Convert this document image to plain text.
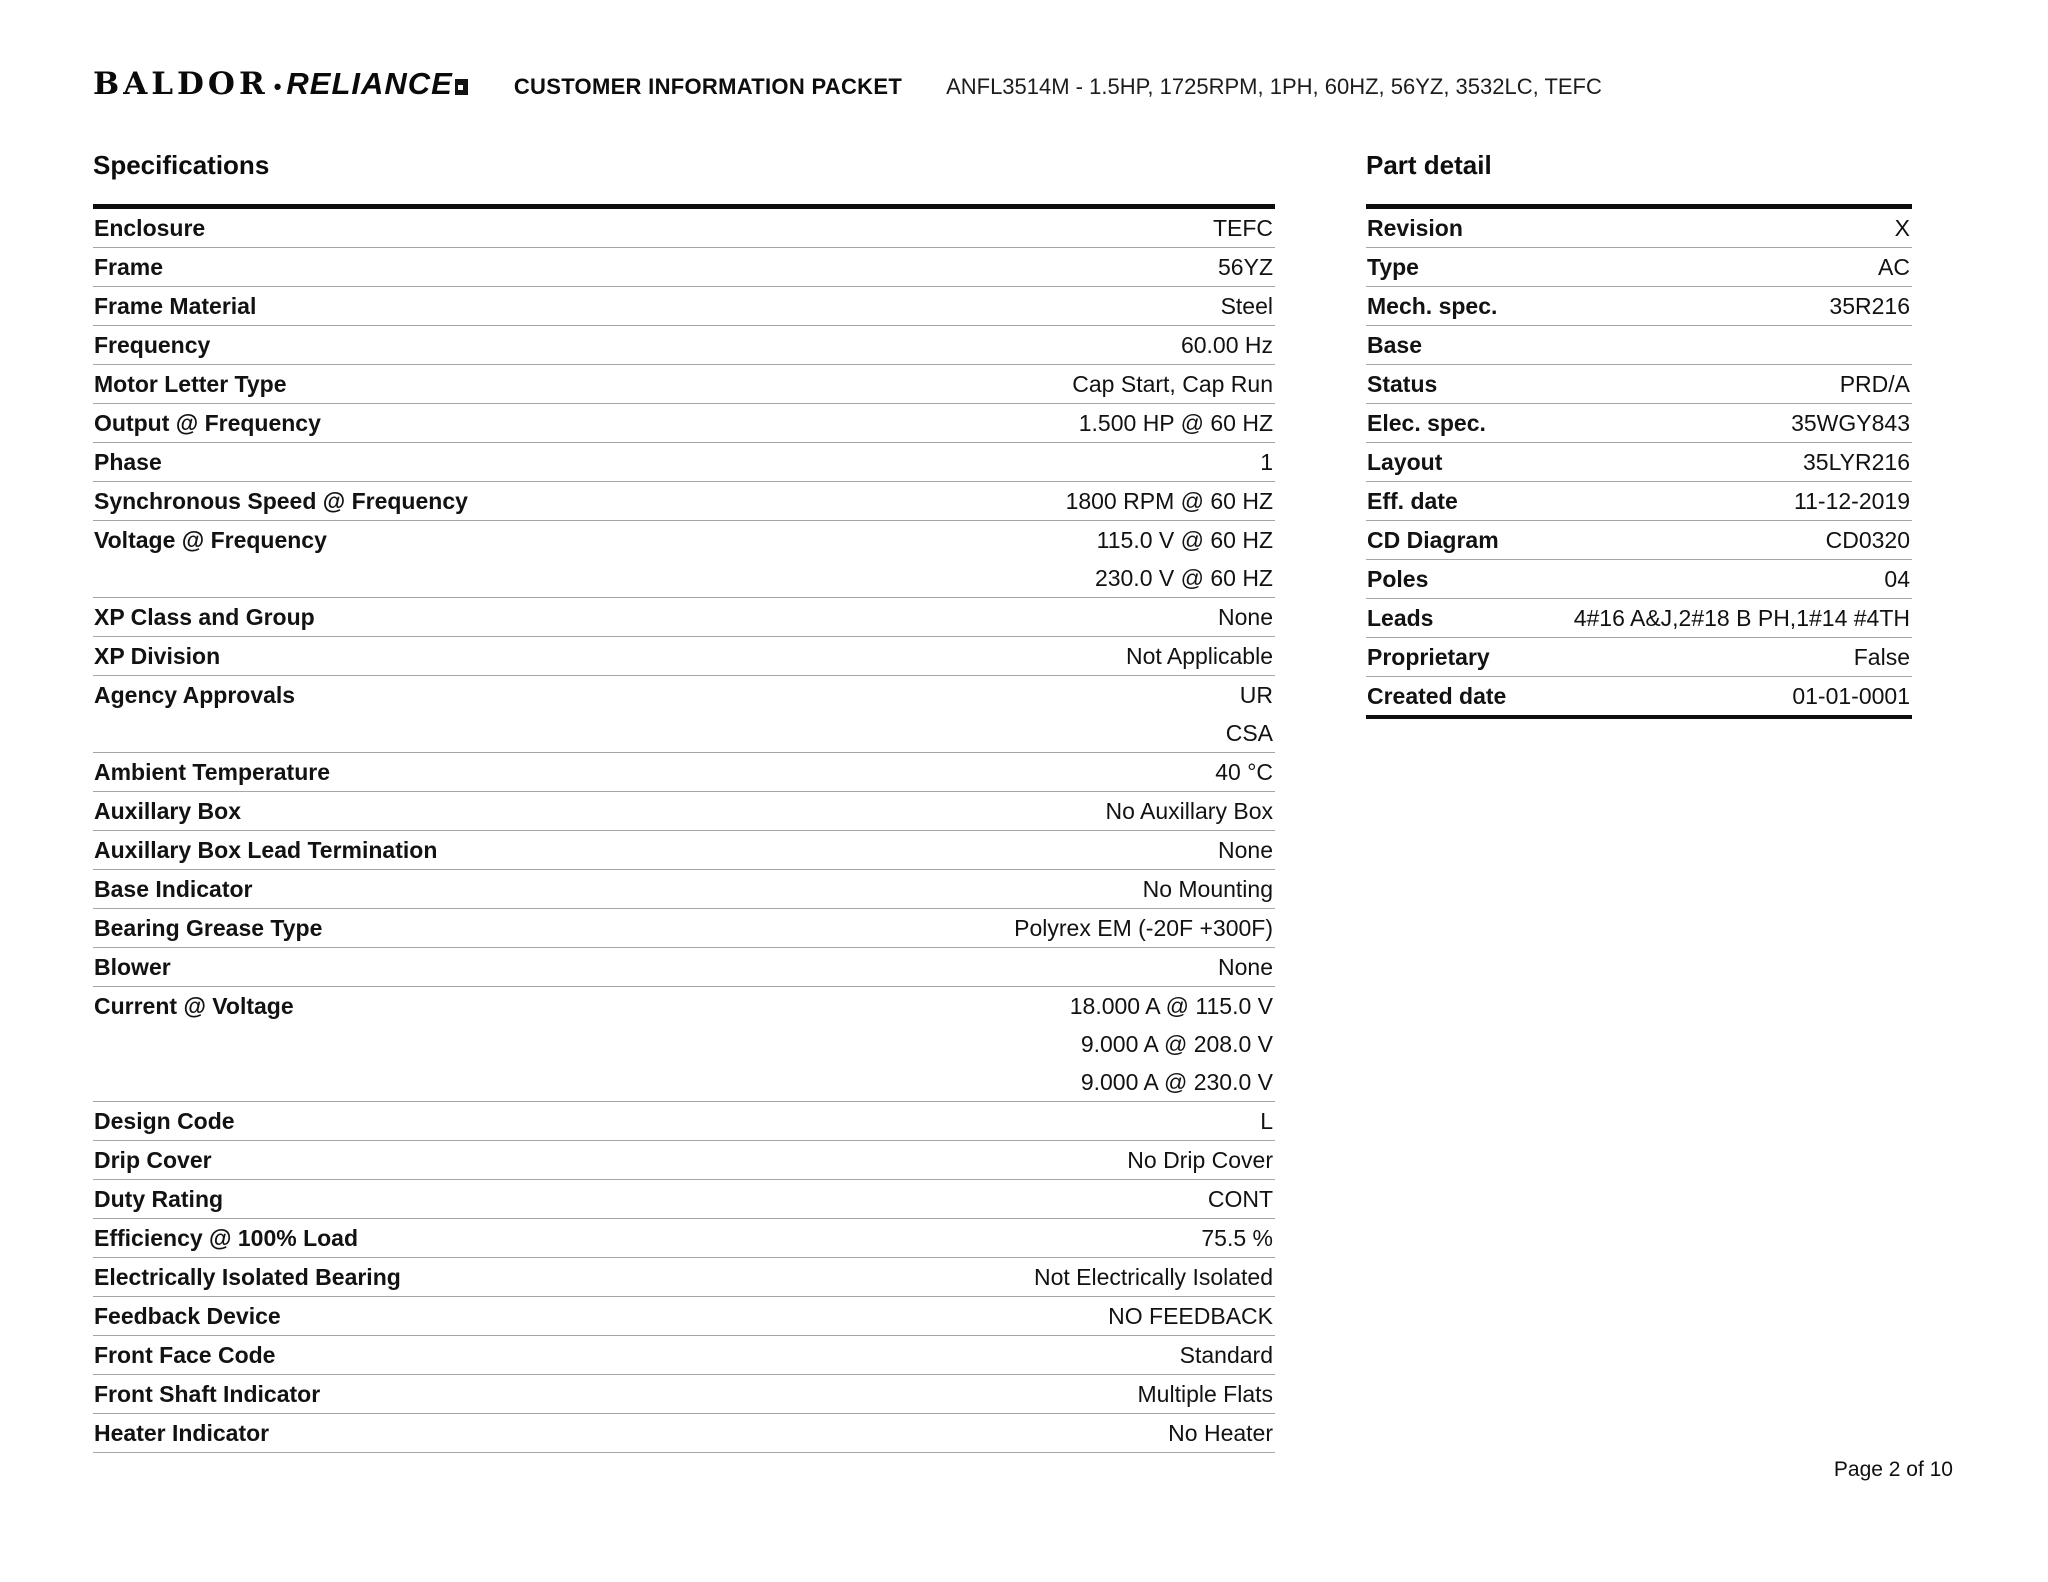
BALDOR • RELIANCE	CUSTOMER INFORMATION PACKET ANFL3514M - 1.5HP, 1725RPM, 1PH, 60HZ, 56YZ, 3532LC, TEFC
Specifications
Enclosure	TEFC
Frame	56YZ
Frame Material	Steel
Frequency	60.00 Hz
Motor Letter Type	Cap Start, Cap Run
Output @ Frequency	1.500 HP @ 60 HZ
Phase	1
Synchronous Speed @ Frequency	1800 RPM @ 60 HZ
Voltage @ Frequency	115.0 V @ 60 HZ
230.0 V @ 60 HZ
XP Class and Group	None
XP Division	Not Applicable
Agency Approvals	UR
CSA
Ambient Temperature	40 °C
Auxillary Box	No Auxillary Box
Auxillary Box Lead Termination	None
Base Indicator	No Mounting
Bearing Grease Type	Polyrex EM (-20F +300F)
Blower	None
Current @ Voltage	18.000 A @ 115.0 V
9.000 A @ 208.0 V
9.000 A @ 230.0 V
Design Code	L
Drip Cover	No Drip Cover
Duty Rating	CONT
Efficiency @ 100% Load	75.5 %
Electrically Isolated Bearing	Not Electrically Isolated
Feedback Device	NO FEEDBACK
Front Face Code	Standard
Front Shaft Indicator	Multiple Flats
Heater Indicator	No Heater
Part detail
Revision	X
Type	AC
Mech. spec.	35R216
Base
Status	PRD/A
Elec. spec.	35WGY843
Layout	35LYR216
Eff. date	11-12-2019
CD Diagram	CD0320
Poles	04
Leads	4#16 A&J,2#18 B PH,1#14 #4TH
Proprietary	False
Created date	01-01-0001
Page 2 of 10
